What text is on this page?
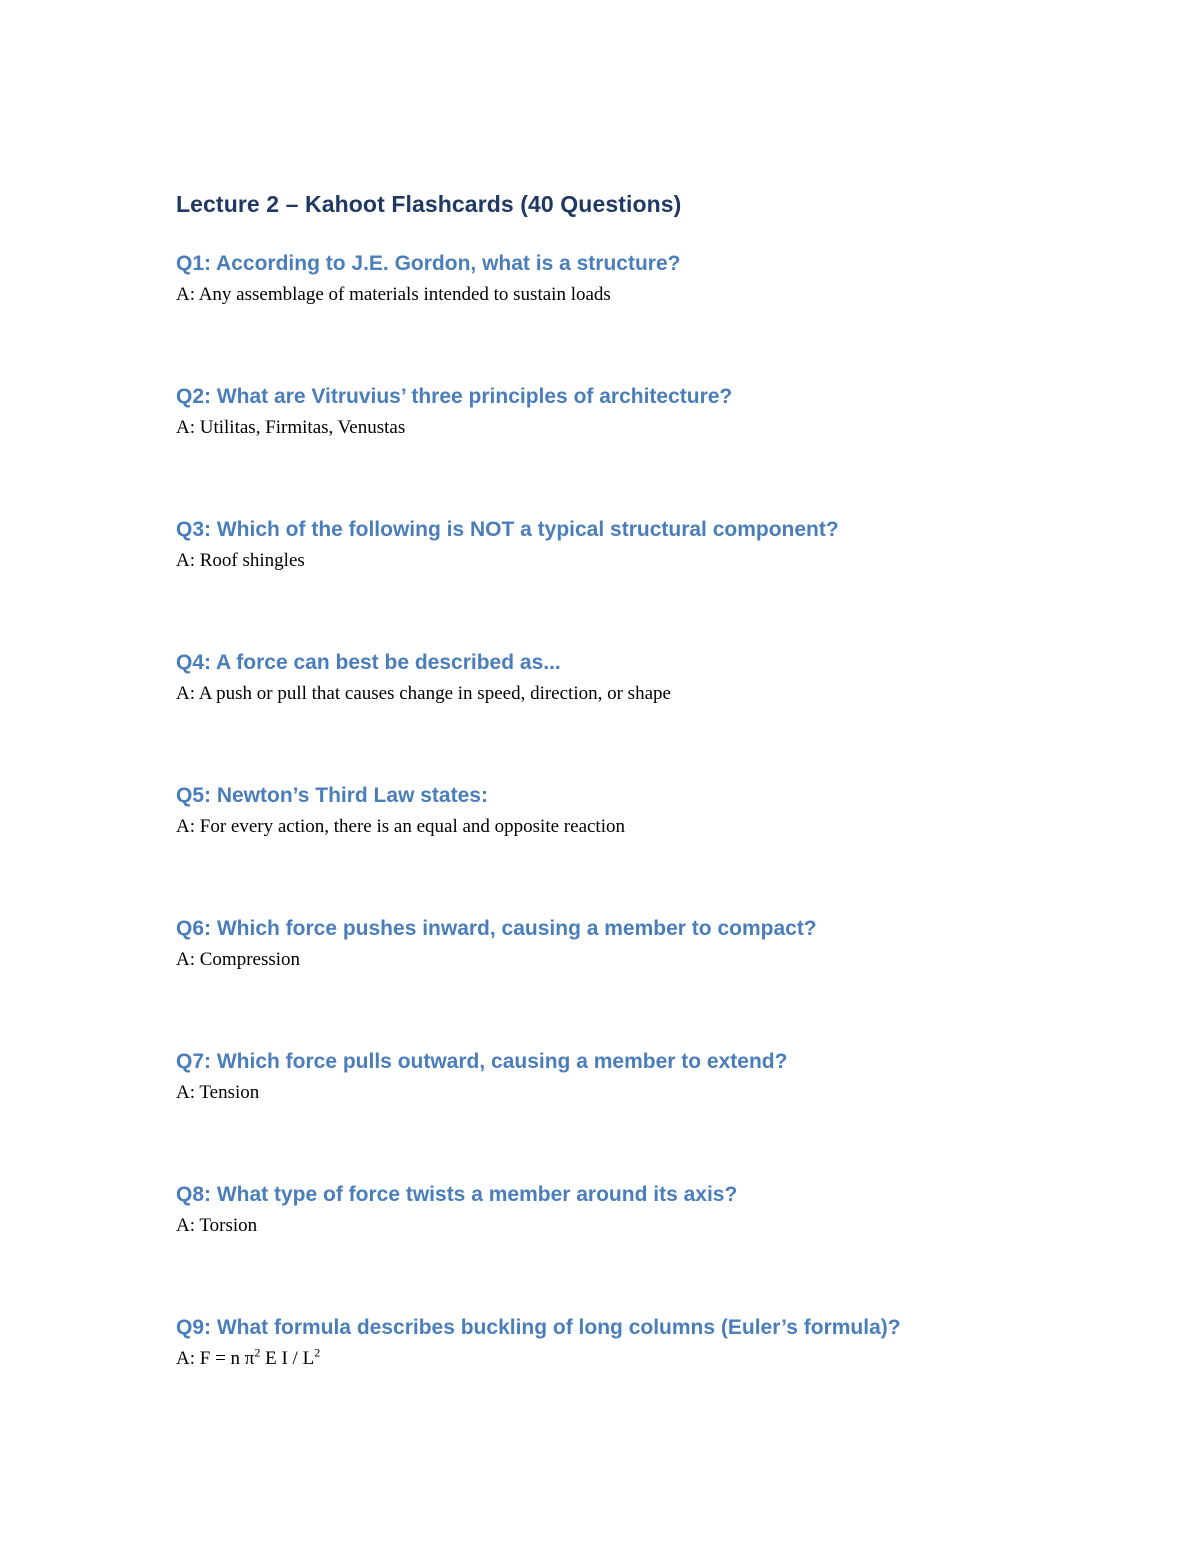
Lecture 2 – Kahoot Flashcards (40 Questions)
Q1: According to J.E. Gordon, what is a structure?
A: Any assemblage of materials intended to sustain loads
Q2: What are Vitruvius’ three principles of architecture?
A: Utilitas, Firmitas, Venustas
Q3: Which of the following is NOT a typical structural component?
A: Roof shingles
Q4: A force can best be described as...
A: A push or pull that causes change in speed, direction, or shape
Q5: Newton’s Third Law states:
A: For every action, there is an equal and opposite reaction
Q6: Which force pushes inward, causing a member to compact?
A: Compression
Q7: Which force pulls outward, causing a member to extend?
A: Tension
Q8: What type of force twists a member around its axis?
A: Torsion
Q9: What formula describes buckling of long columns (Euler’s formula)?
A: F = n $\pi^2$ E I / $L^2$
